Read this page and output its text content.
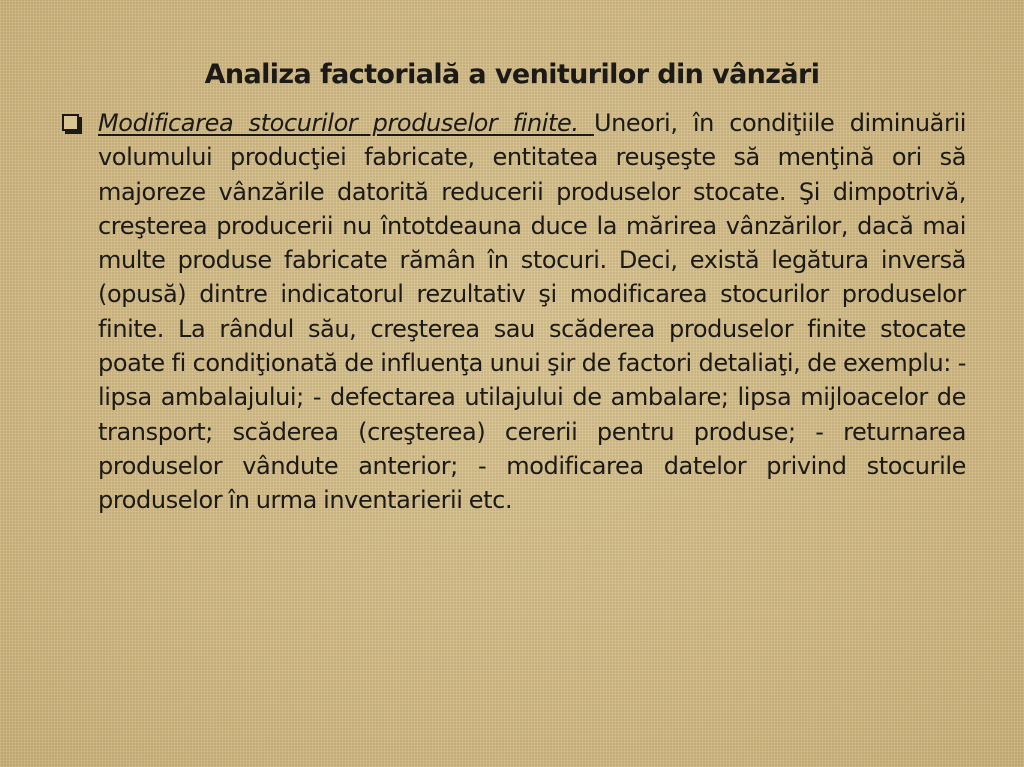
Analiza factorială a veniturilor din vânzări

Modificarea stocurilor produselor finite. Uneori, în condiţiile diminuării volumului producţiei fabricate, entitatea reuşeşte să menţină ori să majoreze vânzările datorită reducerii produselor stocate. Şi dimpotrivă, creşterea producerii nu întotdeauna duce la mărirea vânzărilor, dacă mai multe produse fabricate rămân în stocuri. Deci, există legătura inversă (opusă) dintre indicatorul rezultativ şi modificarea stocurilor produselor finite. La rândul său, creşterea sau scăderea produselor finite stocate poate fi condiţionată de influenţa unui şir de factori detaliaţi, de exemplu: - lipsa ambalajului; - defectarea utilajului de ambalare; lipsa mijloacelor de transport; scăderea (creşterea) cererii pentru produse; - returnarea produselor vândute anterior; - modificarea datelor privind stocurile produselor în urma inventarierii etc.
